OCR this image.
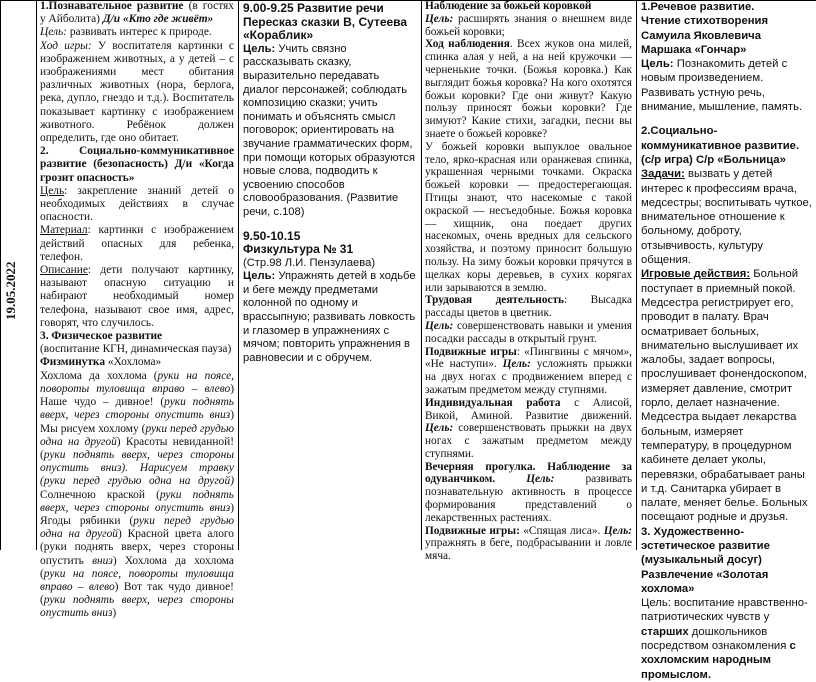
19.05.2022

1.Познавательное развитие (в гостях у Айболита) Д/и «Кто где живёт»

Цель: развивать интерес к природе.

Ход игры: У воспитателя картинки с изображением животных, а у детей – с изображениями мест обитания различных животных (нора, берлога, река, дупло, гнездо и т.д.). Воспитатель показывает картинку с изображением животного. Ребёнок должен определить, где оно обитает.

2. Социально-коммуникативное развитие (безопасность) Д/и «Когда грозит опасность»

Цель: закрепление знаний детей о необходимых действиях в случае опасности.

Материал: картинки с изображением действий опасных для ребенка, телефон.

Описание: дети получают картинку, называют опасную ситуацию и набирают необходимый номер телефона, называют свое имя, адрес, говорят, что случилось.

3. Физическое развитие

(воспитание КГН, динамическая пауза)

Физминутка «Хохлома»

Хохлома да хохлома (руки на поясе, повороты туловища вправо – влево) Наше чудо – дивное! (руки поднять вверх, через стороны опустить вниз) Мы рисуем хохлому (руки перед грудью одна на другой) Красоты невиданной! (руки поднять вверх, через стороны опустить вниз). Нарисуем травку (руки перед грудью одна на другой) Солнечною краской (руки поднять вверх, через стороны опустить вниз) Ягоды рябинки (руки перед грудью одна на другой) Красной цвета алого (руки поднять вверх, через стороны опустить вниз) Хохлома да хохлома (руки на поясе, повороты туловища вправо – влево) Вот так чудо дивное! (руки поднять вверх, через стороны опустить вниз)

9.00-9.25 Развитие речи

Пересказ сказки В, Сутеева «Кораблик»

Цель: Учить связно рассказывать сказку, выразительно передавать диалог персонажей; соблюдать композицию сказки; учить понимать и объяснять смысл поговорок; ориентировать на звучание грамматических форм, при помощи которых образуются новые слова, подводить к усвоению способов словообразования. (Развитие речи, с.108)

9.50-10.15

Физкультура № 31

(Стр.98 Л.И. Пензулаева)

Цель: Упражнять детей в ходьбе и беге между предметами колонной по одному и врассыпную; развивать ловкость и глазомер в упражнениях с мячом; повторить упражнения в равновесии и с обручем.

Наблюдение за божьей коровкой

Цель: расширять знания о внешнем виде божьей коровки;

Ход наблюдения. Всех жуков она милей, спинка алая у ней, а на ней кружочки — черненькие точки. (Божья коровка.) Как выглядит божья коровка? На кого охотятся божьи коровки? Где они живут? Какую пользу приносят божьи коровки? Где зимуют? Какие стихи, загадки, песни вы знаете о божьей коровке?

У божьей коровки выпуклое овальное тело, ярко-красная или оранжевая спинка, украшенная черными точками. Окраска божьей коровки — предостерегающая. Птицы знают, что насекомые с такой окраской — несъедобные. Божья коровка — хищник, она поедает других насекомых, очень вредных для сельского хозяйства, и поэтому приносит большую пользу. На зиму божьи коровки прячутся в щелках коры деревьев, в сухих корягах или зарываются в землю.

Трудовая деятельность: Высадка рассады цветов в цветник.

Цель: совершенствовать навыки и умения посадки рассады в открытый грунт.

Подвижные игры: «Пингвины с мячом», «Не наступи». Цель: усложнять прыжки на двух ногах с продвижением вперед с зажатым предметом между ступнями.

Индивидуальная работа с Алисой, Викой, Аминой. Развитие движений. Цель: совершенствовать прыжки на двух ногах с зажатым предметом между ступнями.

Вечерняя прогулка. Наблюдение за одуванчиком.	Цель:	развивать познавательную активность в процессе формирования представлений о лекарственных растениях.

Подвижные игры: «Спящая лиса». Цель: упражнять в беге, подбрасывании и ловле мяча.

1.Речевое развитие.

Чтение стихотворения Самуила Яковлевича Маршака «Гончар»

Цель: Познакомить детей с новым произведением. Развивать устную речь, внимание, мышление, память.

2.Социально-коммуникативное развитие. (с/р игра) С/р «Больница»

Задачи: вызвать у детей интерес к профессиям врача, медсестры; воспитывать чуткое, внимательное отношение к больному, доброту, отзывчивость, культуру общения.

Игровые действия: Больной поступает в приемный покой. Медсестра регистрирует его, проводит в палату. Врач осматривает больных, внимательно выслушивает их жалобы, задает вопросы, прослушивает фонендоскопом, измеряет давление, смотрит горло, делает назначение. Медсестра выдает лекарства больным, измеряет температуру, в процедурном кабинете делает уколы, перевязки, обрабатывает раны и т.д. Санитарка убирает в палате, меняет белье. Больных посещают родные и друзья.

3. Художественно-эстетическое развитие (музыкальный досуг)

Развлечение «Золотая хохлома»

Цель: воспитание нравственно-патриотических чувств у старших дошкольников посредством ознакомления с хохломским народным промыслом.
